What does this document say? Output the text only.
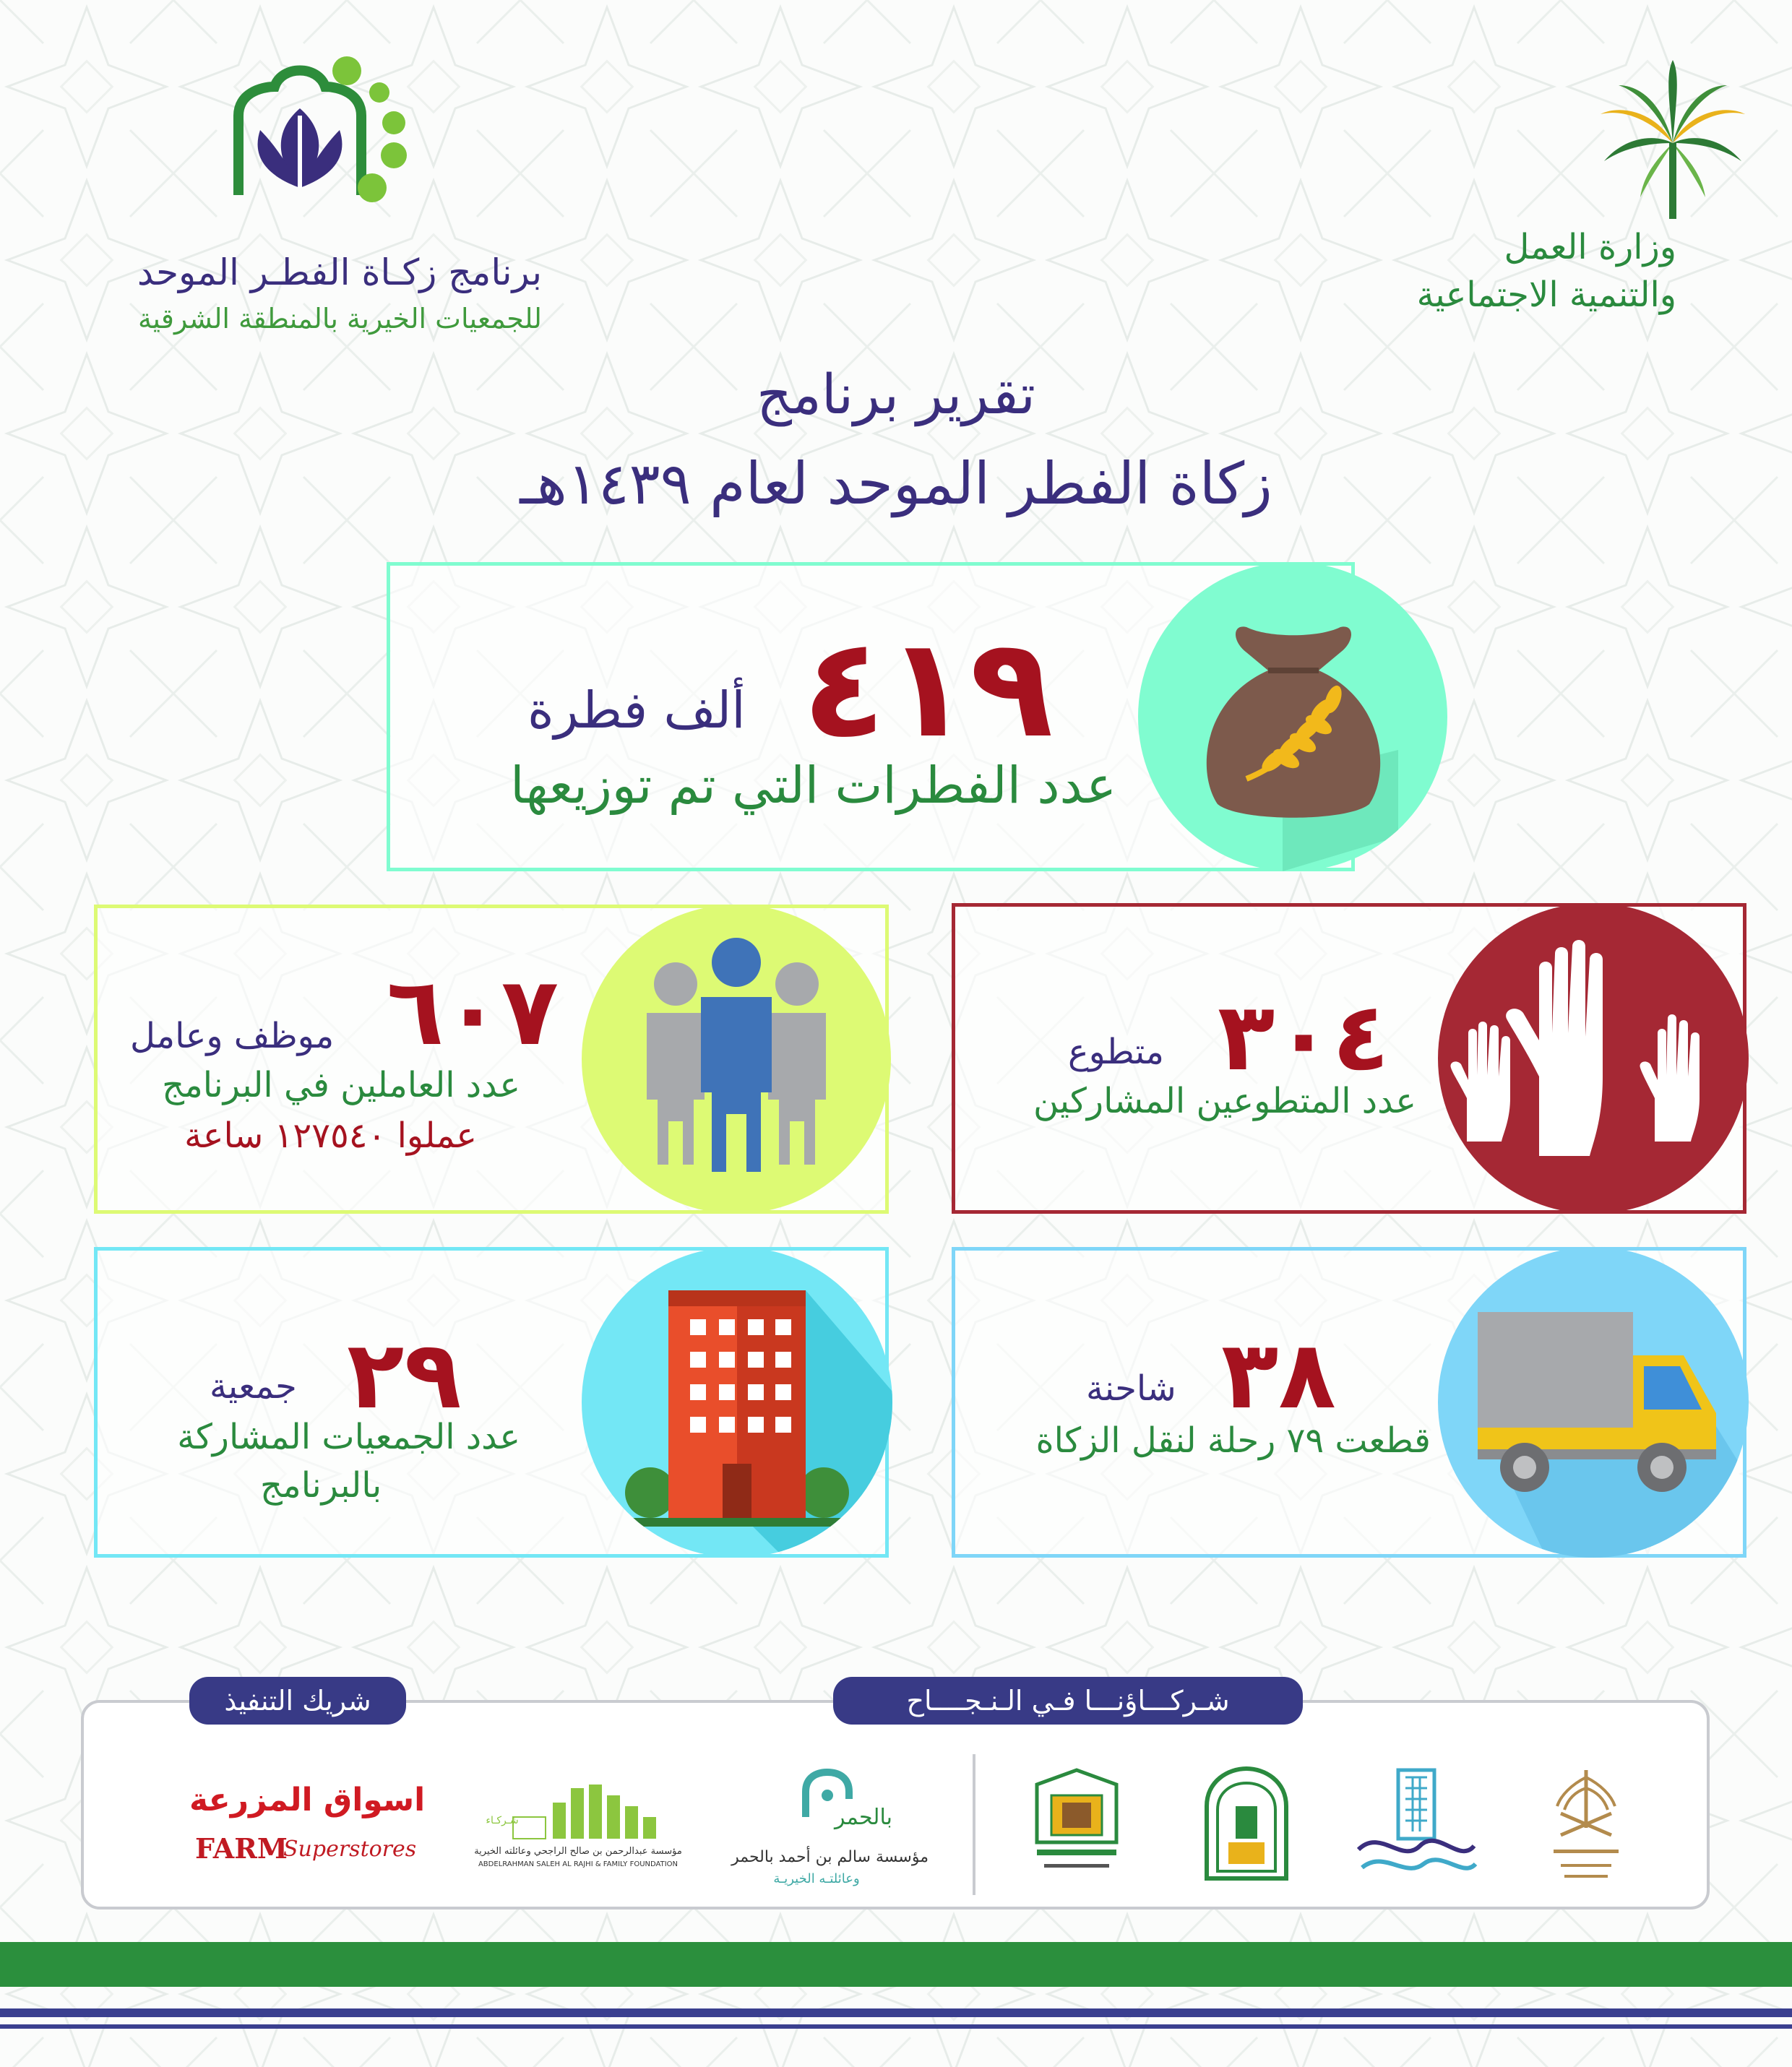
وزارة العمل
والتنمية الاجتماعية
برنامج زكـاة الفطـر الموحد
للجمعيات الخيرية بالمنطقة الشرقية
تقرير برنامج
زكاة الفطر الموحد لعام ١٤٣٩هـ
٤١٩
ألف فطرة
عدد الفطرات التي تم توزيعها
٣٠٤
متطوع
عدد المتطوعين المشاركين
٦٠٧
موظف وعامل
عدد العاملين في البرنامج
عملوا ١٢٧٥٤٠ ساعة
٣٨
شاحنة
قطعت ٧٩ رحلة لنقل الزكاة
٢٩
جمعية
عدد الجمعيات المشاركة
بالبرنامج
شـركـــاؤنـــا فـي الـنـجــــاح
شريك التنفيذ
اسواق المزرعة
FARM
Superstores
شـركـاء
مؤسسة عبدالرحمن بن صالح الراجحي وعائلته الخيرية
ABDELRAHMAN SALEH AL RAJHI & FAMILY FOUNDATION
بالحمر
مؤسسة سالم بن أحمد بالحمر
وعائلتـه الخيريـة
